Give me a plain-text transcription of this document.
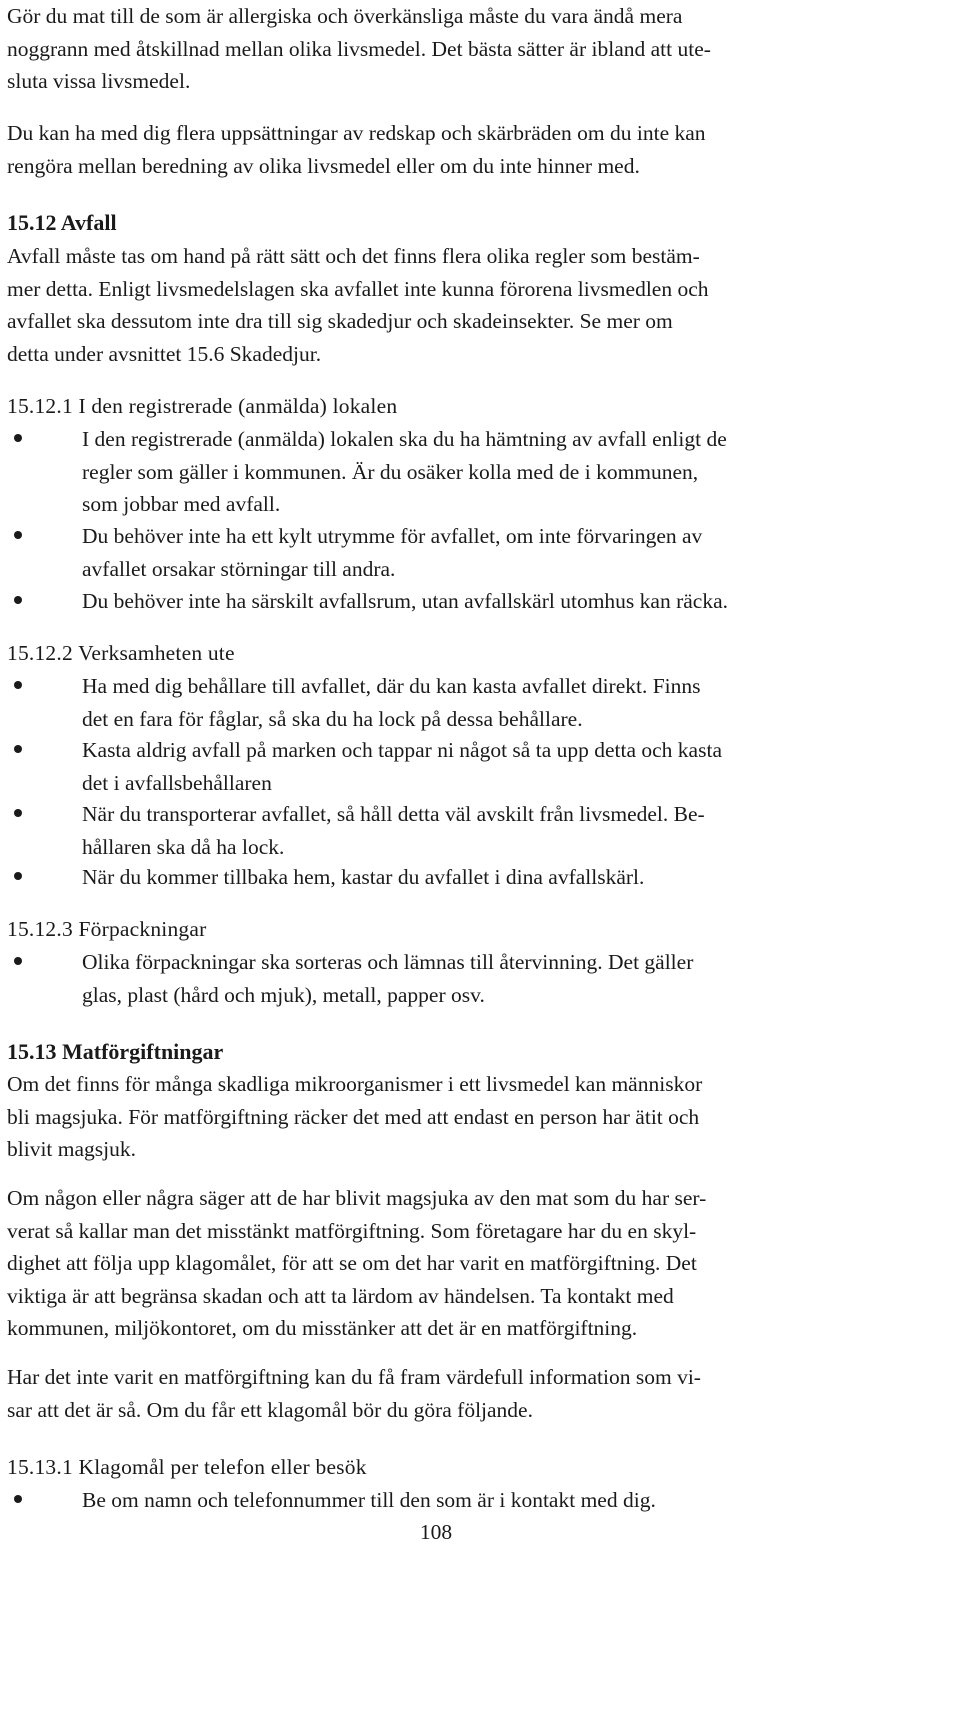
Gör du mat till de som är allergiska och överkänsliga måste du vara ändå mera
noggrann med åtskillnad mellan olika livsmedel. Det bästa sätter är ibland att ute-
sluta vissa livsmedel.
Du kan ha med dig flera uppsättningar av redskap och skärbräden om du inte kan
rengöra mellan beredning av olika livsmedel eller om du inte hinner med.
15.12 Avfall
Avfall måste tas om hand på rätt sätt och det finns flera olika regler som bestäm-
mer detta. Enligt livsmedelslagen ska avfallet inte kunna förorena livsmedlen och
avfallet ska dessutom inte dra till sig skadedjur och skadeinsekter. Se mer om
detta under avsnittet 15.6 Skadedjur.
15.12.1 I den registrerade (anmälda) lokalen
I den registrerade (anmälda) lokalen ska du ha hämtning av avfall enligt de
regler som gäller i kommunen. Är du osäker kolla med de i kommunen,
som jobbar med avfall.
Du behöver inte ha ett kylt utrymme för avfallet, om inte förvaringen av
avfallet orsakar störningar till andra.
Du behöver inte ha särskilt avfallsrum, utan avfallskärl utomhus kan räcka.
15.12.2 Verksamheten ute
Ha med dig behållare till avfallet, där du kan kasta avfallet direkt. Finns
det en fara för fåglar, så ska du ha lock på dessa behållare.
Kasta aldrig avfall på marken och tappar ni något så ta upp detta och kasta
det i avfallsbehållaren
När du transporterar avfallet, så håll detta väl avskilt från livsmedel. Be-
hållaren ska då ha lock.
När du kommer tillbaka hem, kastar du avfallet i dina avfallskärl.
15.12.3 Förpackningar
Olika förpackningar ska sorteras och lämnas till återvinning. Det gäller
glas, plast (hård och mjuk), metall, papper osv.
15.13 Matförgiftningar
Om det finns för många skadliga mikroorganismer i ett livsmedel kan människor
bli magsjuka. För matförgiftning räcker det med att endast en person har ätit och
blivit magsjuk.
Om någon eller några säger att de har blivit magsjuka av den mat som du har ser-
verat så kallar man det misstänkt matförgiftning. Som företagare har du en skyl-
dighet att följa upp klagomålet, för att se om det har varit en matförgiftning. Det
viktiga är att begränsa skadan och att ta lärdom av händelsen. Ta kontakt med
kommunen, miljökontoret, om du misstänker att det är en matförgiftning.
Har det inte varit en matförgiftning kan du få fram värdefull information som vi-
sar att det är så. Om du får ett klagomål bör du göra följande.
15.13.1 Klagomål per telefon eller besök
Be om namn och telefonnummer till den som är i kontakt med dig.
108
